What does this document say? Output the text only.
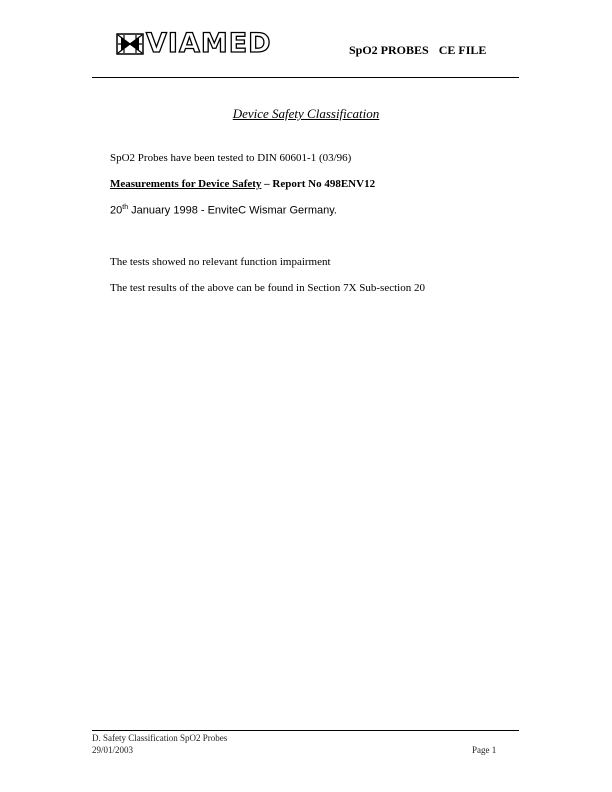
VIAMED	SpO2 PROBES CE FILE
Device Safety Classification
SpO2 Probes have been tested to DIN 60601-1 (03/96)
Measurements for Device Safety – Report No 498ENV12
20th January 1998 - EnviteC Wismar Germany.
The tests showed no relevant function impairment
The test results of the above can be found in Section 7X Sub-section 20
D. Safety Classification SpO2 Probes
29/01/2003	Page 1
